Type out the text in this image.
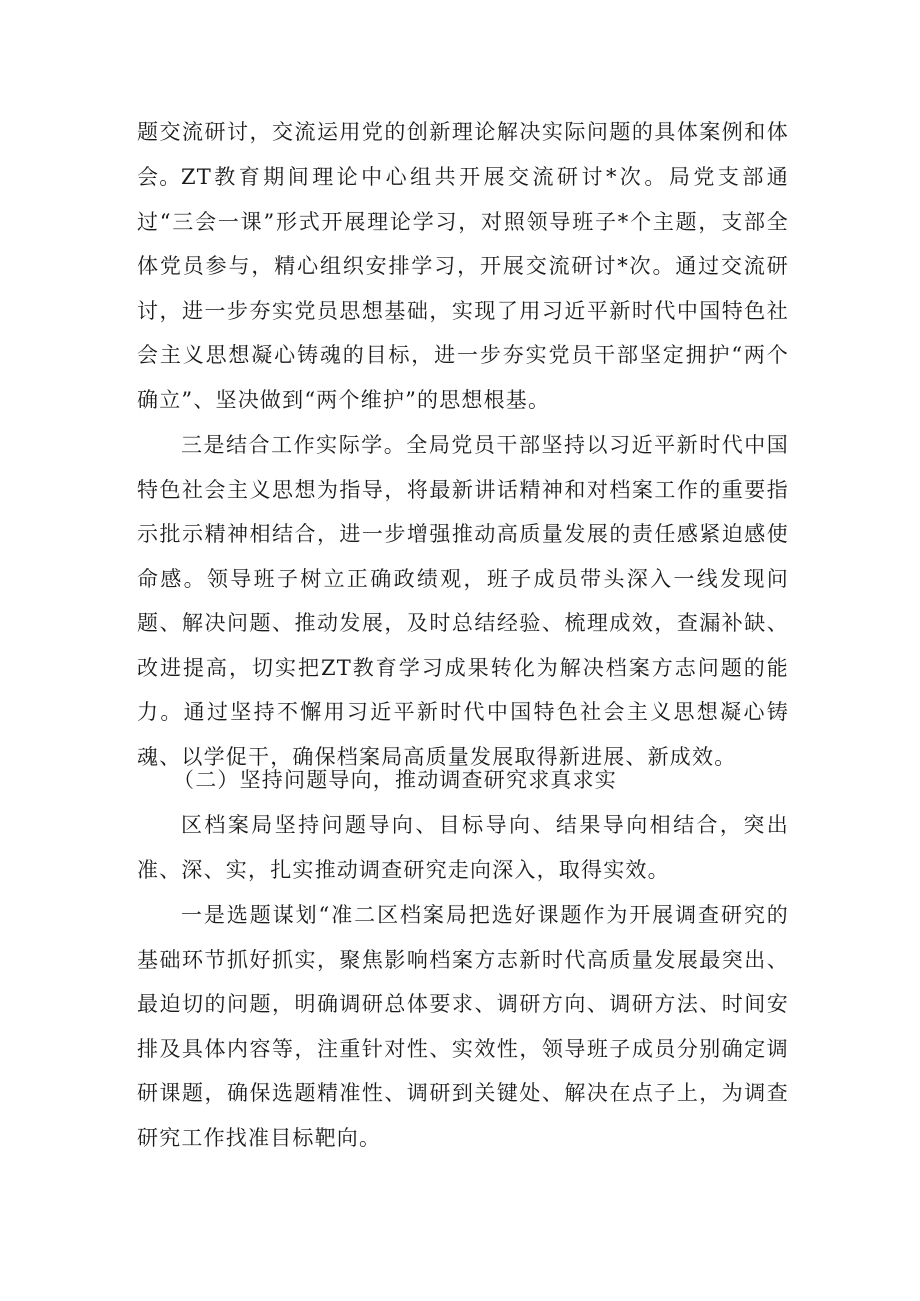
题交流研讨，交流运用党的创新理论解决实际问题的具体案例和体会。 ZT教育期间理论中心组共开展交流研讨*次。局党支部通过“三会一课”形式开展理论学习，对照领导班子*个主题，支部全体党员参与，精心组织安排学习，开展交流研讨*次。通过交流研讨，进一步夯实党员思想基础，实现了用习近平新时代中国特色社会主义思想凝心铸魂的目标，进一步夯实党员干部坚定拥护“两个确立”、坚决做到“两个维护”的思想根基。

三是结合工作实际学。全局党员干部坚持以习近平新时代中国特色社会主义思想为指导，将最新讲话精神和对档案工作的重要指示批示精神相结合，进一步增强推动高质量发展的责任感紧迫感使命感。领导班子树立正确政绩观，班子成员带头深入一线发现问题、解决问题、推动发展，及时总结经验、梳理成效，查漏补缺、改进提高，切实把ZT教育学习成果转化为解决档案方志问题的能力。通过坚持不懈用习近平新时代中国特色社会主义思想凝心铸魂、以学促干，确保档案局高质量发展取得新进展、新成效。

（二）坚持问题导向，推动调查研究求真求实

区档案局坚持问题导向、目标导向、结果导向相结合，突出准、深、实，扎实推动调查研究走向深入，取得实效。

一是选题谋划“准二区档案局把选好课题作为开展调查研究的基础环节抓好抓实，聚焦影响档案方志新时代高质量发展最突出、最迫切的问题，明确调研总体要求、调研方向、调研方法、时间安排及具体内容等，注重针对性、实效性，领导班子成员分别确定调研课题，确保选题精准性、调研到关键处、解决在点子上，为调查研究工作找准目标靶向。
